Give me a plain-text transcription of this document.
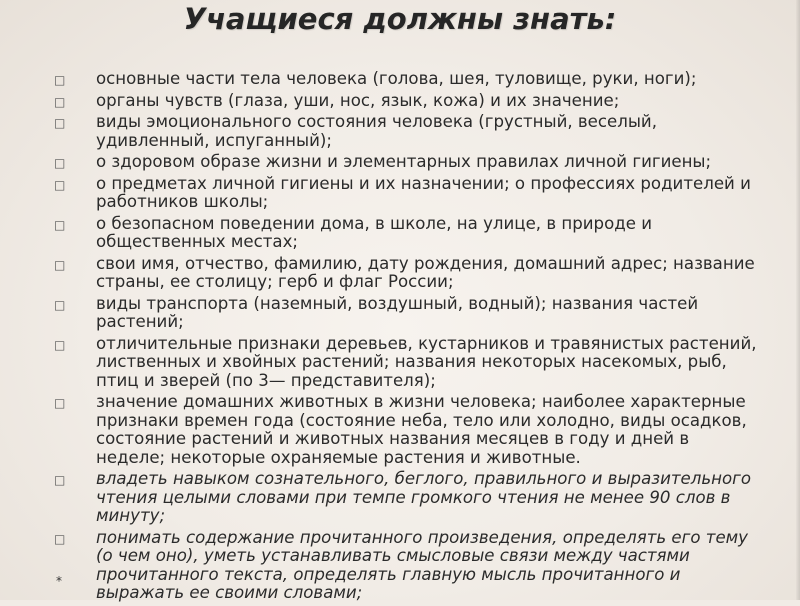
Учащиеся должны знать:
□ основные части тела человека (голова, шея, туловище, руки, ноги);
□ органы чувств (глаза, уши, нос, язык, кожа) и их значение;
□ виды эмоционального состояния человека (грустный, веселый, удивленный, испуганный);
□ о здоровом образе жизни и элементарных правилах личной гигиены;
□ о предметах личной гигиены и их назначении; о профессиях родителей и работников школы;
□ о безопасном поведении дома, в школе, на улице, в природе и общественных местах;
□ свои имя, отчество, фамилию, дату рождения, домашний адрес; название страны, ее столицу; герб и флаг России;
□ виды транспорта (наземный, воздушный, водный); названия частей растений;
□ отличительные признаки деревьев, кустарников и травянистых растений, лиственных и хвойных растений; названия некоторых насекомых, рыб, птиц и зверей (по 3— представителя);
□ значение домашних животных в жизни человека; наиболее характерные признаки времен года (состояние неба, тело или холодно, виды осадков, состояние растений и животных названия месяцев в году и дней в неделе; некоторые охраняемые растения и животные.
□ владеть навыком сознательного, беглого, правильного и выразительного чтения целыми словами при темпе громкого чтения не менее 90 слов в минуту;
□ понимать содержание прочитанного произведения, определять его тему (о чем оно), уметь устанавливать смысловые связи между частями прочитанного текста, определять главную мысль прочитанного и выражать ее своими словами;
*
